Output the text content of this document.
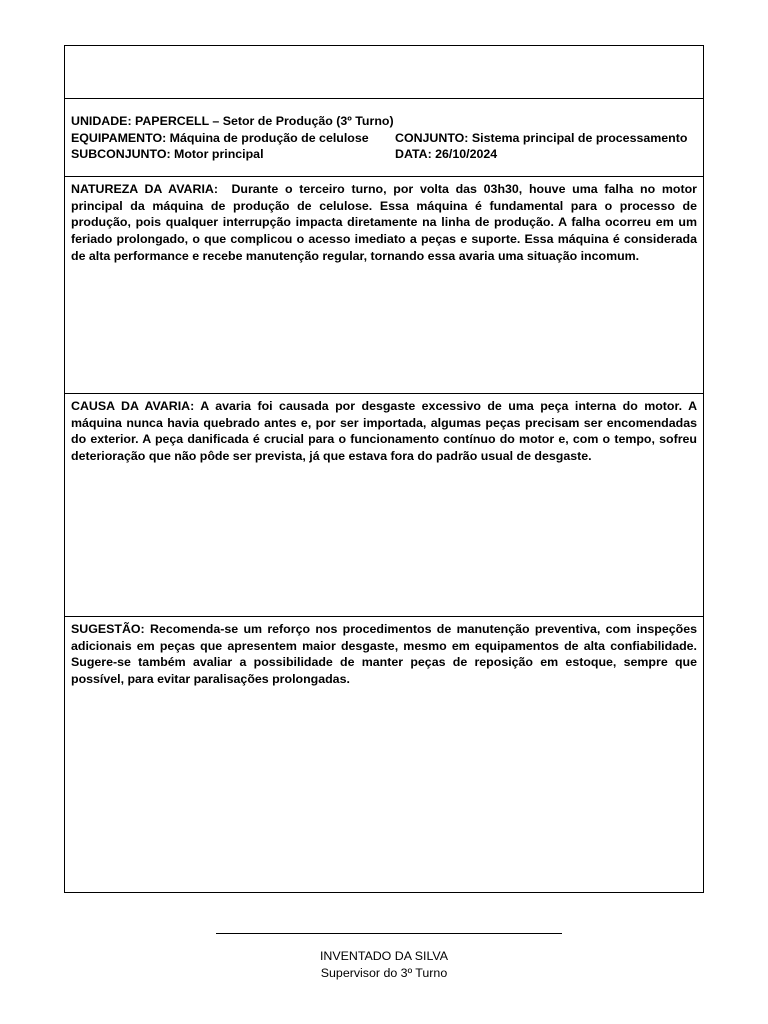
UNIDADE: PAPERCELL – Setor de Produção (3º Turno)
EQUIPAMENTO: Máquina de produção de celulose	CONJUNTO: Sistema principal de processamento
SUBCONJUNTO: Motor principal	DATA: 26/10/2024
NATUREZA DA AVARIA: Durante o terceiro turno, por volta das 03h30, houve uma falha no motor principal da máquina de produção de celulose. Essa máquina é fundamental para o processo de produção, pois qualquer interrupção impacta diretamente na linha de produção. A falha ocorreu em um feriado prolongado, o que complicou o acesso imediato a peças e suporte. Essa máquina é considerada de alta performance e recebe manutenção regular, tornando essa avaria uma situação incomum.
CAUSA DA AVARIA: A avaria foi causada por desgaste excessivo de uma peça interna do motor. A máquina nunca havia quebrado antes e, por ser importada, algumas peças precisam ser encomendadas do exterior. A peça danificada é crucial para o funcionamento contínuo do motor e, com o tempo, sofreu deterioração que não pôde ser prevista, já que estava fora do padrão usual de desgaste.
SUGESTÃO: Recomenda-se um reforço nos procedimentos de manutenção preventiva, com inspeções adicionais em peças que apresentem maior desgaste, mesmo em equipamentos de alta confiabilidade. Sugere-se também avaliar a possibilidade de manter peças de reposição em estoque, sempre que possível, para evitar paralisações prolongadas.
INVENTADO DA SILVA
Supervisor do 3º Turno
